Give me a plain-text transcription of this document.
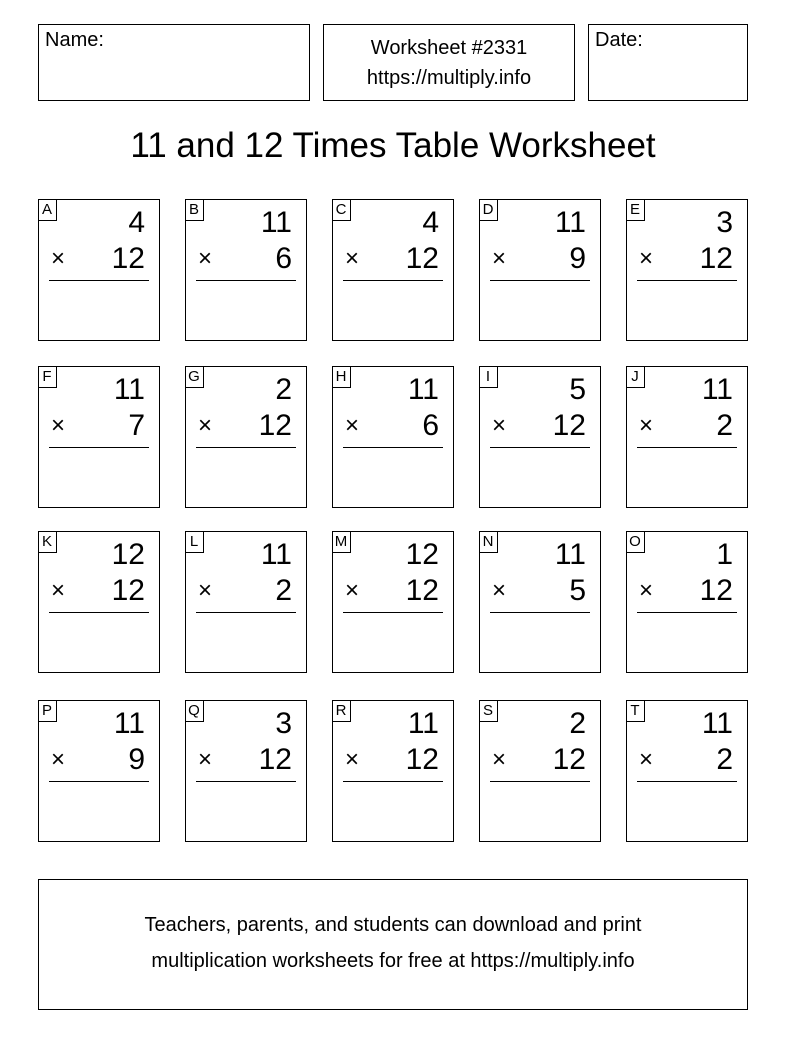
Name:	Worksheet #2331
https://multiply.info
Date:
11 and 12 Times Table Worksheet
A	4
× 12
B 11
× 6
C	4
× 12
D 11
× 9
E	3
× 12
F 11
× 7
G	2
× 12
H 11
× 6
I	5
× 12
J 11
× 2
K 12
× 12
L 11
× 2
M 12
× 12
N 11
× 5
O	1
× 12
P 11
× 9
Q	3
× 12
R 11
× 12
S	2
× 12
T 11
× 2
Teachers, parents, and students can download and print
multiplication worksheets for free at https://multiply.info
